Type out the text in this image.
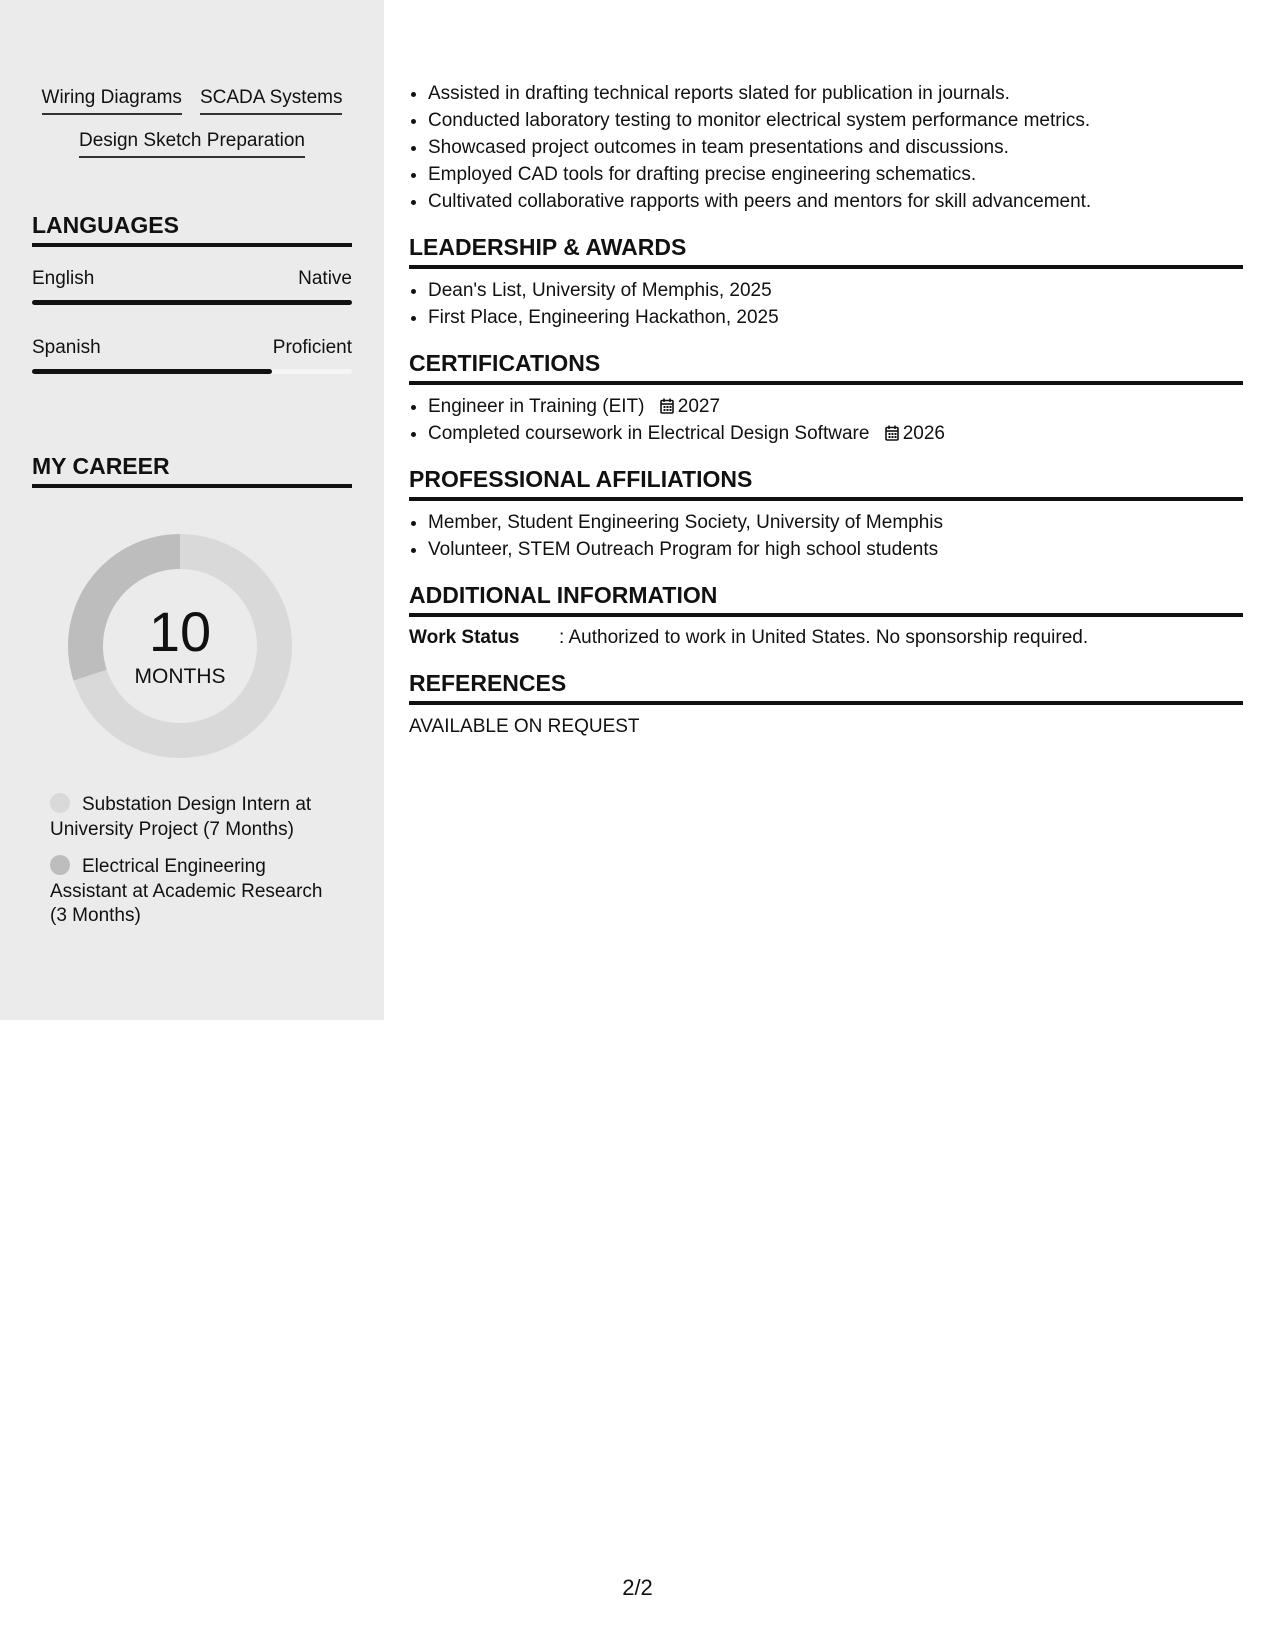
Wiring Diagrams SCADA Systems
Design Sketch Preparation
LANGUAGES
English	Native
Spanish	Proficient
MY CAREER
10
MONTHS
Substation Design Intern at University Project (7 Months)
Electrical Engineering Assistant at Academic Research (3 Months)
• Assisted in drafting technical reports slated for publication in journals.
• Conducted laboratory testing to monitor electrical system performance metrics.
• Showcased project outcomes in team presentations and discussions.
• Employed CAD tools for drafting precise engineering schematics.
• Cultivated collaborative rapports with peers and mentors for skill advancement.
LEADERSHIP & AWARDS
• Dean's List, University of Memphis, 2025
• First Place, Engineering Hackathon, 2025
CERTIFICATIONS
• Engineer in Training (EIT) 2027
• Completed coursework in Electrical Design Software 2026
PROFESSIONAL AFFILIATIONS
• Member, Student Engineering Society, University of Memphis
• Volunteer, STEM Outreach Program for high school students
ADDITIONAL INFORMATION
Work Status	: Authorized to work in United States. No sponsorship required.
REFERENCES
AVAILABLE ON REQUEST
2/2
